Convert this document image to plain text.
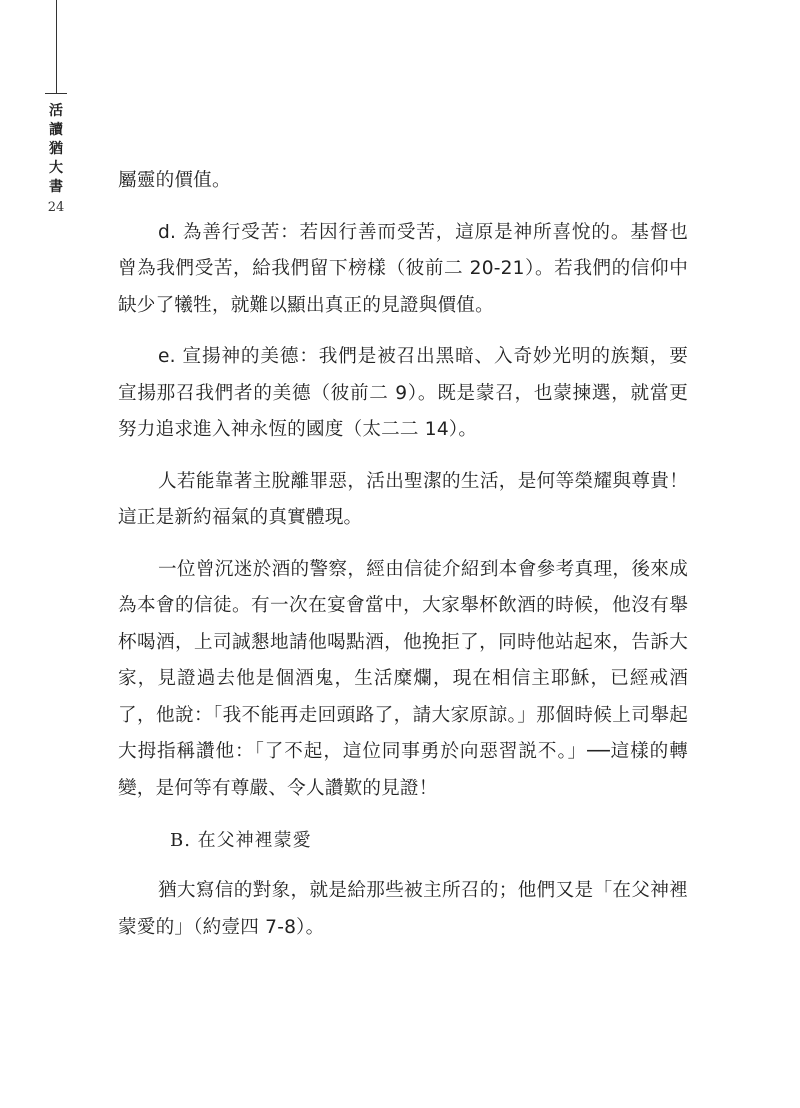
活讀猶大書
24

屬靈的價值。

d. 為善行受苦：若因行善而受苦，這原是神所喜悅的。基督也曾為我們受苦，給我們留下榜樣（彼前二 20-21）。若我們的信仰中缺少了犧牲，就難以顯出真正的見證與價值。

e. 宣揚神的美德：我們是被召出黑暗、入奇妙光明的族類，要宣揚那召我們者的美德（彼前二 9）。既是蒙召，也蒙揀選，就當更努力追求進入神永恆的國度（太二二 14）。

人若能靠著主脫離罪惡，活出聖潔的生活，是何等榮耀與尊貴！這正是新約福氣的真實體現。

一位曾沉迷於酒的警察，經由信徒介紹到本會參考真理，後來成為本會的信徒。有一次在宴會當中，大家舉杯飲酒的時候，他沒有舉杯喝酒，上司誠懇地請他喝點酒，他挽拒了，同時他站起來，告訴大家，見證過去他是個酒鬼，生活糜爛，現在相信主耶穌，已經戒酒了，他說：「我不能再走回頭路了，請大家原諒。」那個時候上司舉起大拇指稱讚他：「了不起，這位同事勇於向惡習説不。」──這樣的轉變，是何等有尊嚴、令人讚歎的見證！

B. 在父神裡蒙愛

猶大寫信的對象，就是給那些被主所召的；他們又是「在父神裡蒙愛的」（約壹四 7-8）。
